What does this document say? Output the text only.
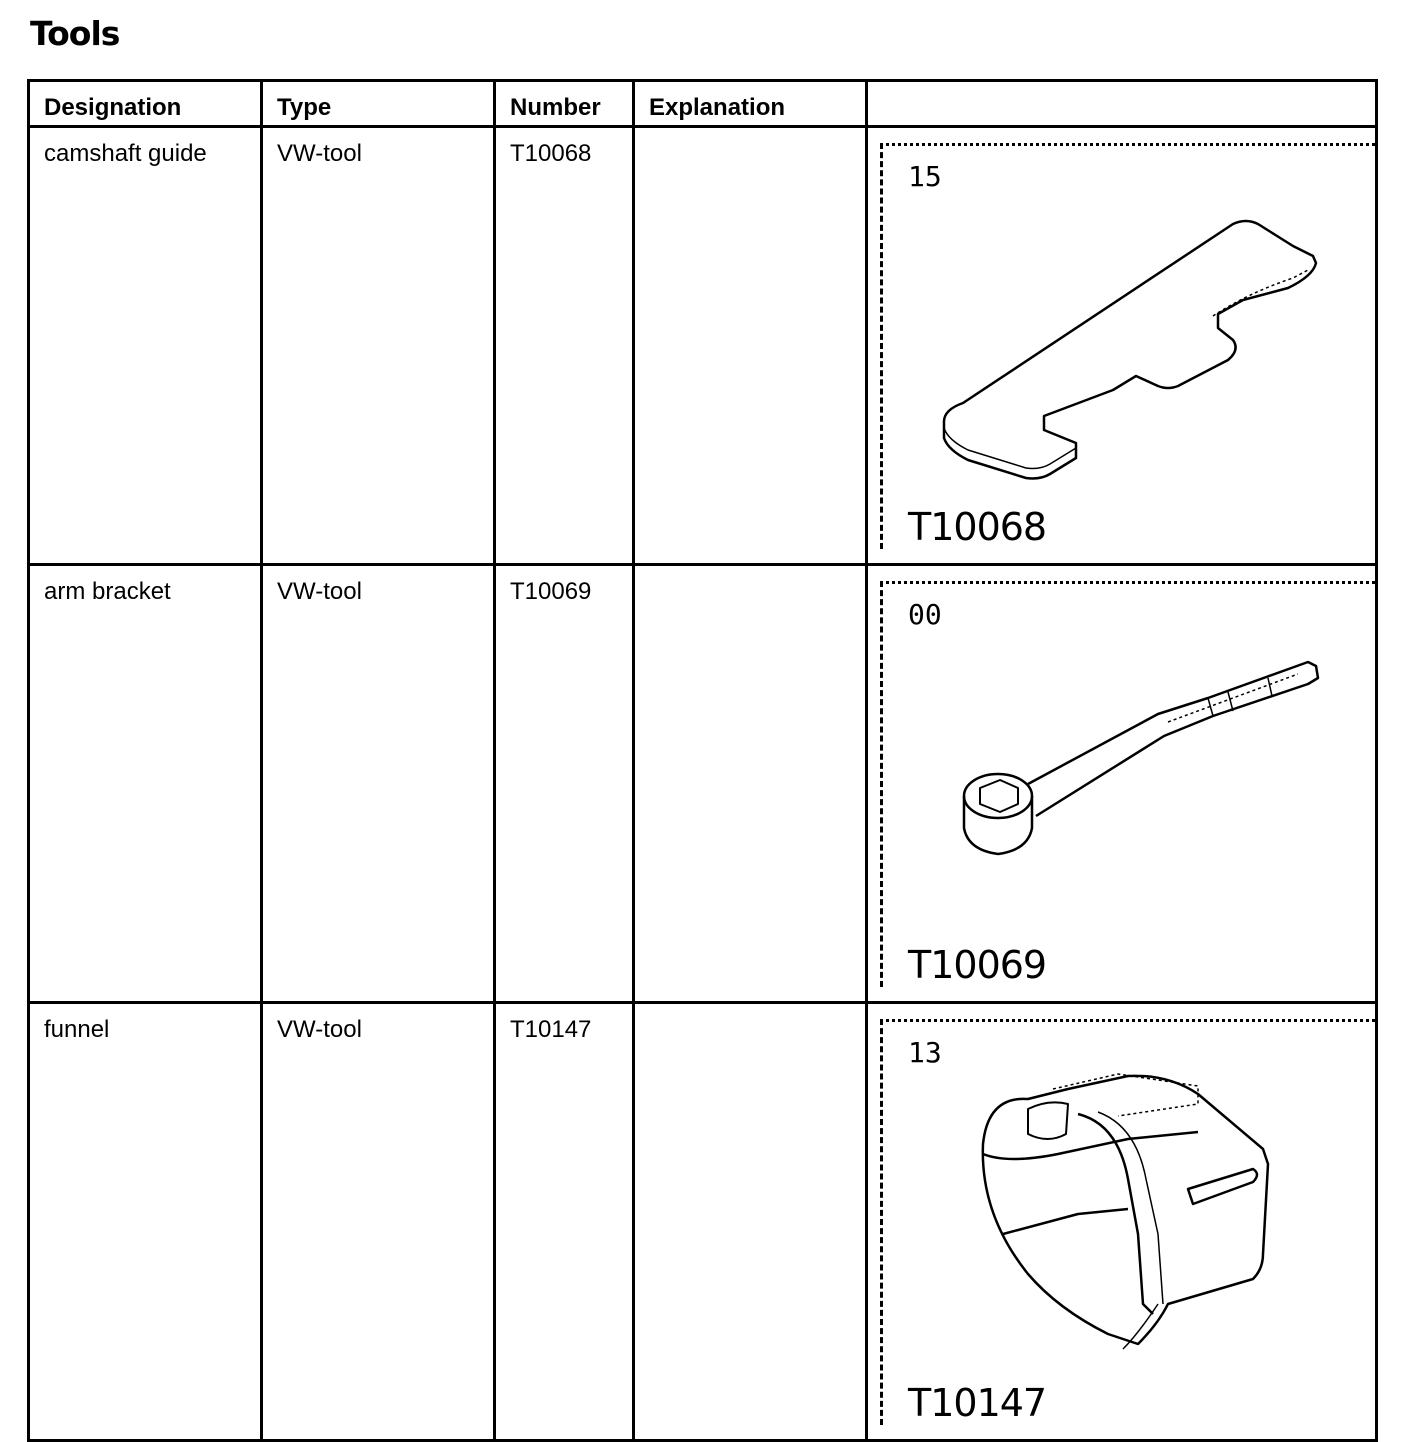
Tools
Designation	Type	Number	Explanation	
camshaft guide	VW-tool	T10068		15
T10068

arm bracket	VW-tool	T10069		00
T10069

funnel	VW-tool	T10147		13
T10147
